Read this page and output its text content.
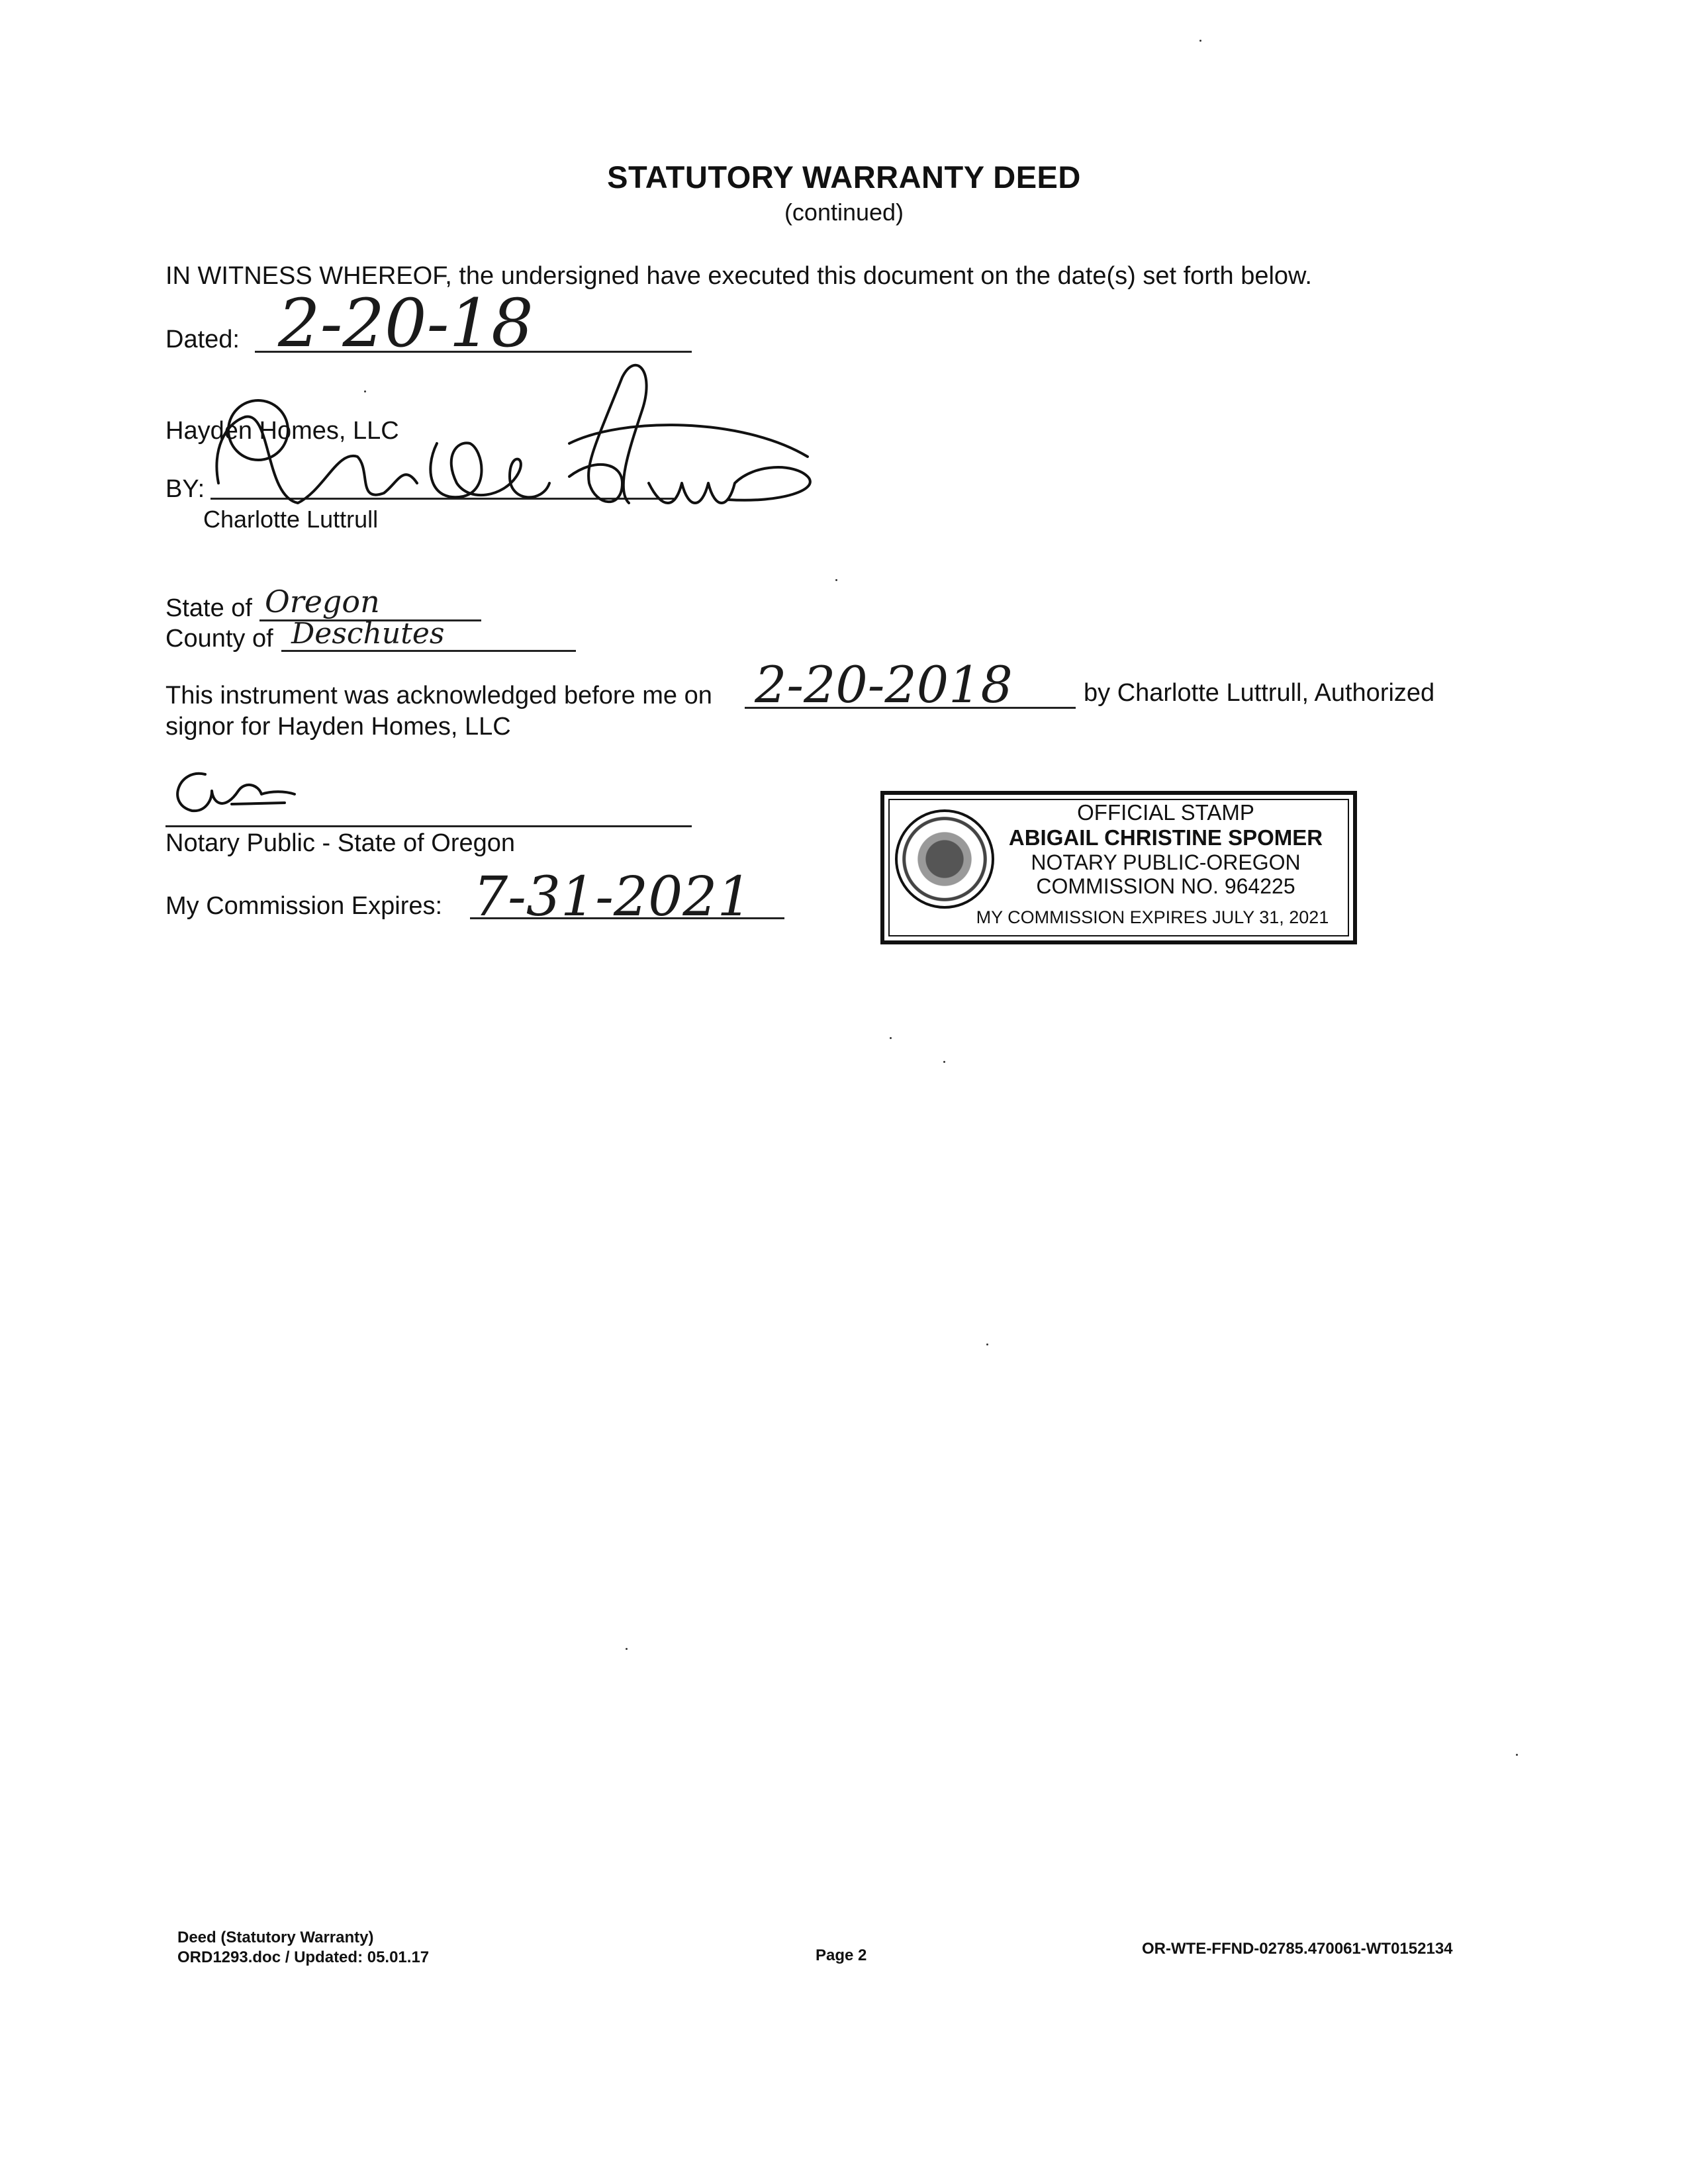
STATUTORY WARRANTY DEED
(continued)
IN WITNESS WHEREOF, the undersigned have executed this document on the date(s) set forth below.
Dated: 2-20-18
Hayden Homes, LLC
BY:
Charlotte Luttrull
State of Oregon
County of Deschutes
This instrument was acknowledged before me on 2-20-2018	by Charlotte Luttrull, Authorized
signor for Hayden Homes, LLC
Notary Public - State of Oregon
My Commission Expires: 7-31-2021
OFFICIAL STAMP
ABIGAIL CHRISTINE SPOMER
NOTARY PUBLIC-OREGON
COMMISSION NO. 964225
MY COMMISSION EXPIRES JULY 31, 2021
Deed (Statutory Warranty)
ORD1293.doc / Updated: 05.01.17	Page 2	OR-WTE-FFND-02785.470061-WT0152134
